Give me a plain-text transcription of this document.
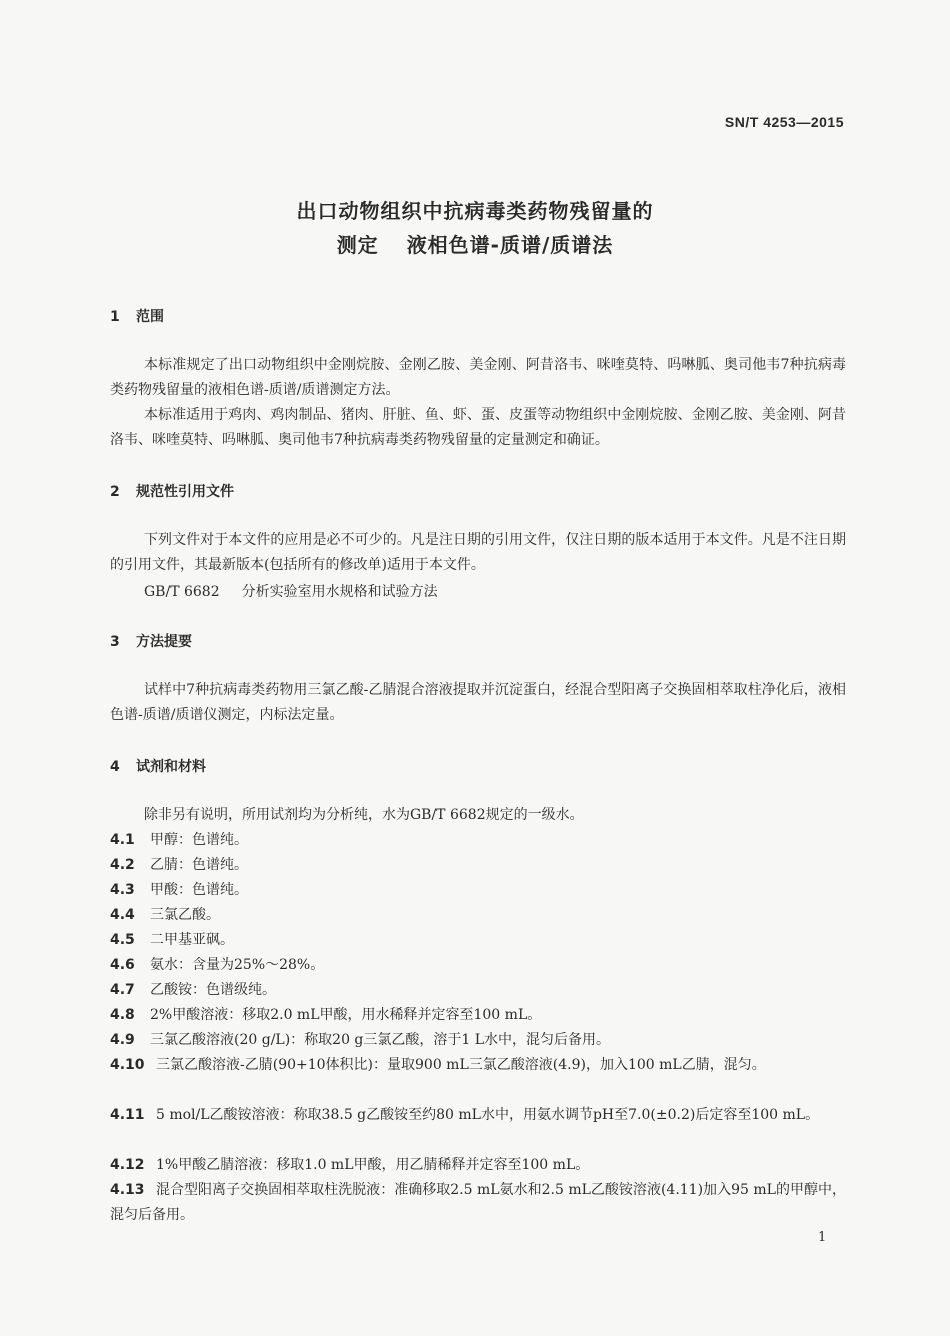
SN/T 4253—2015
出口动物组织中抗病毒类药物残留量的
测定 液相色谱-质谱/质谱法
1 范围

本标准规定了出口动物组织中金刚烷胺、金刚乙胺、美金刚、阿昔洛韦、咪喹莫特、吗啉胍、奥司他韦7种抗病毒类药物残留量的液相色谱-质谱/质谱测定方法。

本标准适用于鸡肉、鸡肉制品、猪肉、肝脏、鱼、虾、蛋、皮蛋等动物组织中金刚烷胺、金刚乙胺、美金刚、阿昔洛韦、咪喹莫特、吗啉胍、奥司他韦7种抗病毒类药物残留量的定量测定和确证。

2 规范性引用文件

下列文件对于本文件的应用是必不可少的。凡是注日期的引用文件，仅注日期的版本适用于本文件。凡是不注日期的引用文件，其最新版本(包括所有的修改单)适用于本文件。

GB/T 6682 分析实验室用水规格和试验方法
3 方法提要

试样中7种抗病毒类药物用三氯乙酸-乙腈混合溶液提取并沉淀蛋白，经混合型阳离子交换固相萃取柱净化后，液相色谱-质谱/质谱仪测定，内标法定量。

4 试剂和材料

除非另有说明，所用试剂均为分析纯，水为GB/T 6682规定的一级水。

4.1 甲醇：色谱纯。

4.2 乙腈：色谱纯。

4.3 甲酸：色谱纯。

4.4 三氯乙酸。

4.5 二甲基亚砜。

4.6 氨水：含量为25%～28%。

4.7 乙酸铵：色谱级纯。

4.8 2%甲酸溶液：移取2.0 mL甲酸，用水稀释并定容至100 mL。

4.9 三氯乙酸溶液(20 g/L)：称取20 g三氯乙酸，溶于1 L水中，混匀后备用。

4.10 三氯乙酸溶液-乙腈(90+10体积比)：量取900 mL三氯乙酸溶液(4.9)，加入100 mL乙腈，混匀。

4.11 5 mol/L乙酸铵溶液：称取38.5 g乙酸铵至约80 mL水中，用氨水调节pH至7.0(±0.2)后定容至100 mL。

4.12 1%甲酸乙腈溶液：移取1.0 mL甲酸，用乙腈稀释并定容至100 mL。

4.13 混合型阳离子交换固相萃取柱洗脱液：准确移取2.5 mL氨水和2.5 mL乙酸铵溶液(4.11)加入95 mL的甲醇中，混匀后备用。

1
